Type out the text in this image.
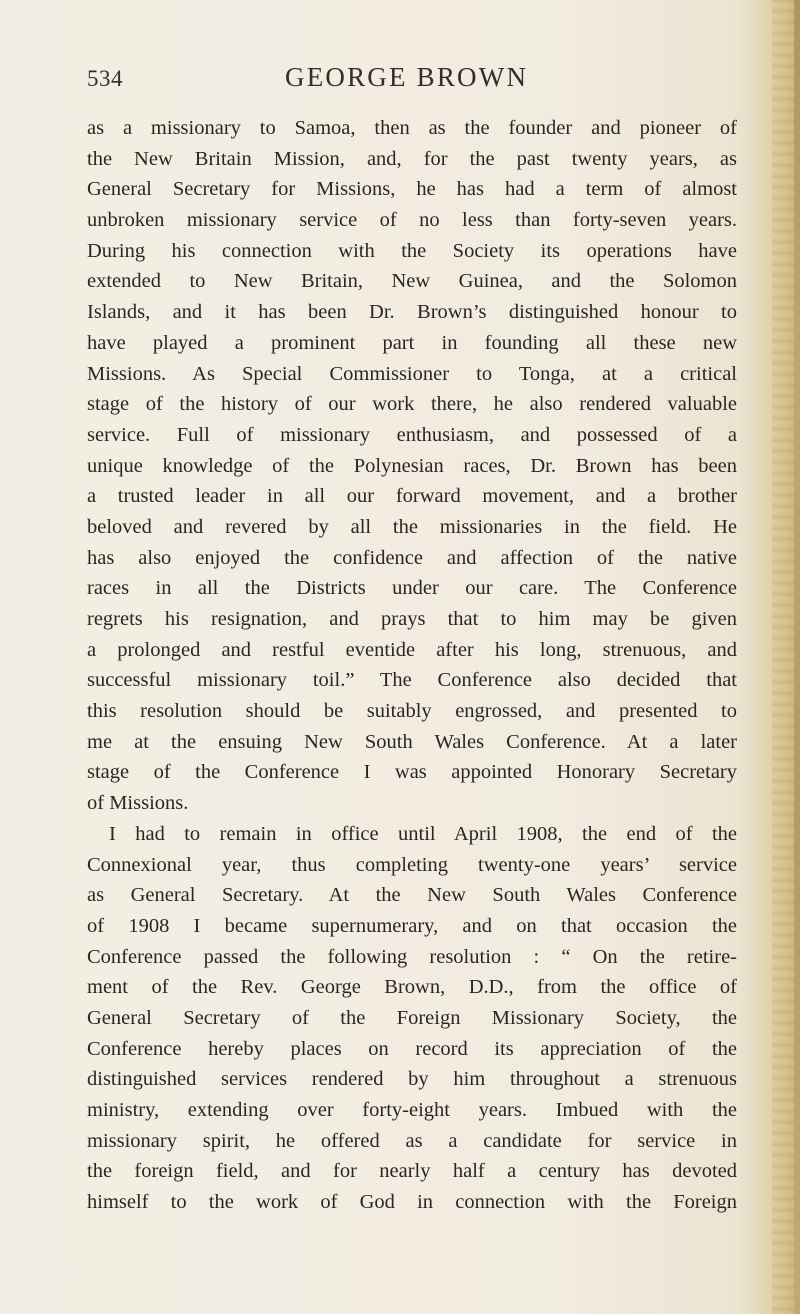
534	GEORGE BROWN
as a missionary to Samoa, then as the founder and pioneer of
the New Britain Mission, and, for the past twenty years, as
General Secretary for Missions, he has had a term of almost
unbroken missionary service of no less than forty-seven years.
During his connection with the Society its operations have
extended to New Britain, New Guinea, and the Solomon
Islands, and it has been Dr. Brown’s distinguished honour to
have played a prominent part in founding all these new
Missions. As Special Commissioner to Tonga, at a critical
stage of the history of our work there, he also rendered valuable
service. Full of missionary enthusiasm, and possessed of a
unique knowledge of the Polynesian races, Dr. Brown has been
a trusted leader in all our forward movement, and a brother
beloved and revered by all the missionaries in the field. He
has also enjoyed the confidence and affection of the native
races in all the Districts under our care. The Conference
regrets his resignation, and prays that to him may be given
a prolonged and restful eventide after his long, strenuous, and
successful missionary toil.” The Conference also decided that
this resolution should be suitably engrossed, and presented to
me at the ensuing New South Wales Conference. At a later
stage of the Conference I was appointed Honorary Secretary
of Missions.
I had to remain in office until April 1908, the end of the
Connexional year, thus completing twenty-one years’ service
as General Secretary. At the New South Wales Conference
of 1908 I became supernumerary, and on that occasion the
Conference passed the following resolution : “ On the retire-
ment of the Rev. George Brown, D.D., from the office of
General Secretary of the Foreign Missionary Society, the
Conference hereby places on record its appreciation of the
distinguished services rendered by him throughout a strenuous
ministry, extending over forty-eight years. Imbued with the
missionary spirit, he offered as a candidate for service in
the foreign field, and for nearly half a century has devoted
himself to the work of God in connection with the Foreign
